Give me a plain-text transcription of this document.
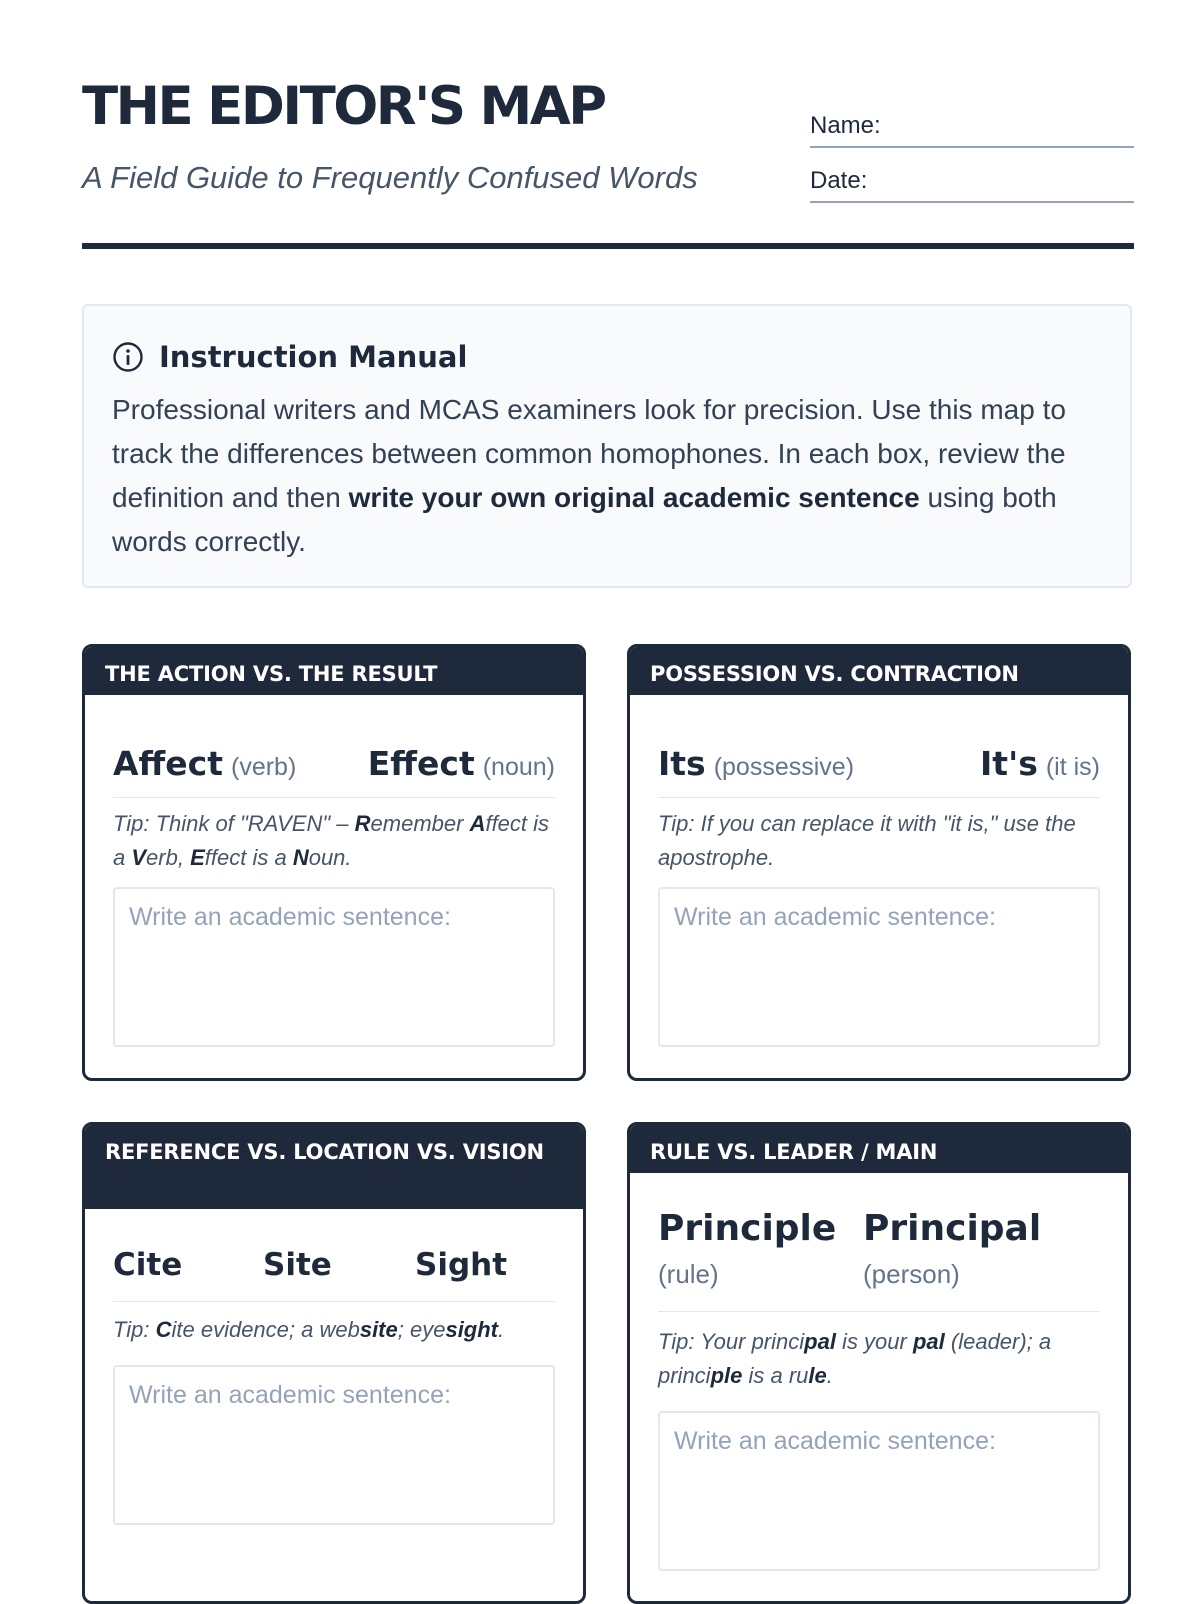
THE EDITOR'S MAP

A Field Guide to Frequently Confused Words

Name:
Date:
Instruction Manual

Professional writers and MCAS examiners look for precision. Use this map to track the differences between common homophones. In each box, review the definition and then write your own original academic sentence using both words correctly.

THE ACTION VS. THE RESULT
Affect (verb) Effect (noun)

Tip: Think of "RAVEN" – Remember Affect is a Verb, Effect is a Noun.

Write an academic sentence:
POSSESSION VS. CONTRACTION
Its (possessive)	It's (it is)

Tip: If you can replace it with "it is," use the apostrophe.

Write an academic sentence:
REFERENCE VS. LOCATION VS. VISION
Cite	Site	Sight

Tip: Cite evidence; a website; eyesight.

Write an academic sentence:
RULE VS. LEADER / MAIN
Principle
(rule)
Principal
(person)

Tip: Your principal is your pal (leader); a principle is a rule.

Write an academic sentence:
